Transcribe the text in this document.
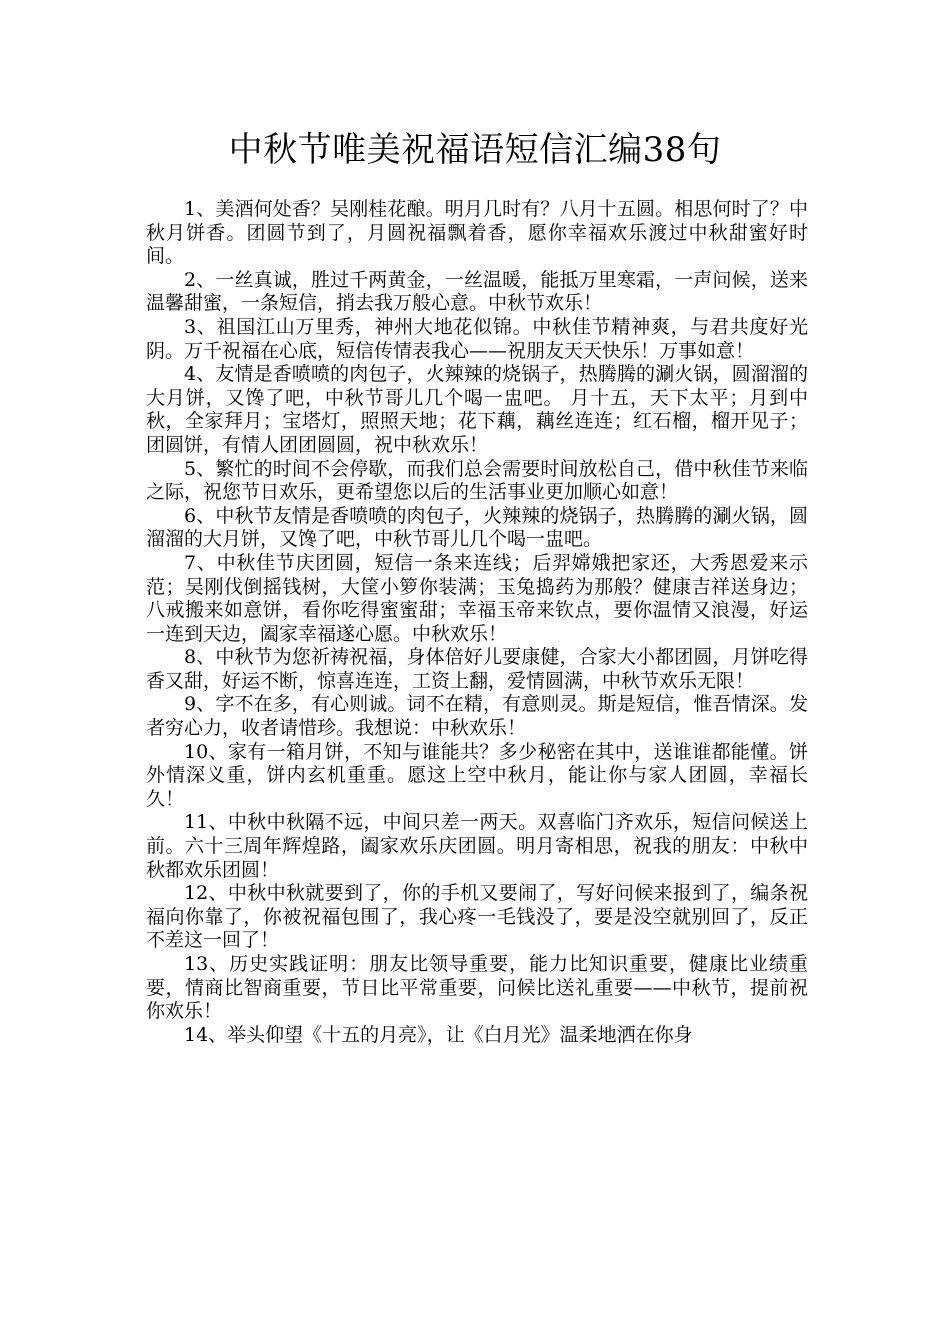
中秋节唯美祝福语短信汇编38句

1、美酒何处香？吴刚桂花酿。明月几时有？八月十五圆。相思何时了？中秋月饼香。团圆节到了，月圆祝福飘着香，愿你幸福欢乐渡过中秋甜蜜好时间。

2、一丝真诚，胜过千两黄金，一丝温暖，能抵万里寒霜，一声问候，送来温馨甜蜜，一条短信，捎去我万般心意。中秋节欢乐！

3、祖国江山万里秀，神州大地花似锦。中秋佳节精神爽，与君共度好光阴。万千祝福在心底，短信传情表我心——祝朋友天天快乐！万事如意！

4、友情是香喷喷的肉包子，火辣辣的烧锅子，热腾腾的涮火锅，圆溜溜的大月饼，又馋了吧，中秋节哥儿几个喝一盅吧。 月十五，天下太平；月到中秋，全家拜月；宝塔灯，照照天地；花下藕，藕丝连连；红石榴，榴开见子；团圆饼，有情人团团圆圆，祝中秋欢乐！

5、繁忙的时间不会停歇，而我们总会需要时间放松自己，借中秋佳节来临之际，祝您节日欢乐，更希望您以后的生活事业更加顺心如意！

6、中秋节友情是香喷喷的肉包子，火辣辣的烧锅子，热腾腾的涮火锅，圆溜溜的大月饼，又馋了吧，中秋节哥儿几个喝一盅吧。

7、中秋佳节庆团圆，短信一条来连线；后羿嫦娥把家还，大秀恩爱来示范；吴刚伐倒摇钱树，大筐小箩你装满；玉兔捣药为那般？健康吉祥送身边；八戒搬来如意饼，看你吃得蜜蜜甜；幸福玉帝来钦点，要你温情又浪漫，好运一连到天边，阖家幸福遂心愿。中秋欢乐！

8、中秋节为您祈祷祝福，身体倍好儿要康健，合家大小都团圆，月饼吃得香又甜，好运不断，惊喜连连，工资上翻，爱情圆满，中秋节欢乐无限！

9、字不在多，有心则诚。词不在精，有意则灵。斯是短信，惟吾情深。发者穷心力，收者请惜珍。我想说：中秋欢乐！

10、家有一箱月饼，不知与谁能共？多少秘密在其中，送谁谁都能懂。饼外情深义重，饼内玄机重重。愿这上空中秋月，能让你与家人团圆，幸福长久！

11、中秋中秋隔不远，中间只差一两天。双喜临门齐欢乐，短信问候送上前。六十三周年辉煌路，阖家欢乐庆团圆。明月寄相思，祝我的朋友：中秋中秋都欢乐团圆！

12、中秋中秋就要到了，你的手机又要闹了，写好问候来报到了，编条祝福向你靠了，你被祝福包围了，我心疼一毛钱没了，要是没空就别回了，反正不差这一回了！

13、历史实践证明：朋友比领导重要，能力比知识重要，健康比业绩重要，情商比智商重要，节日比平常重要，问候比送礼重要——中秋节，提前祝你欢乐！

14、举头仰望《十五的月亮》，让《白月光》温柔地洒在你身
